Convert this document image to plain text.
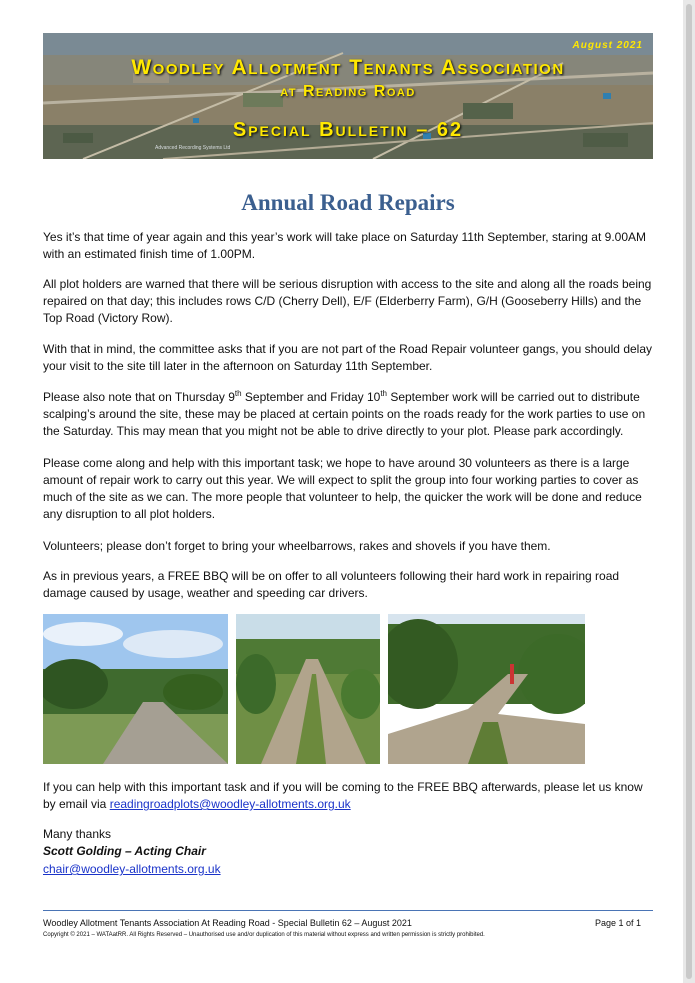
August 2021
Woodley Allotment Tenants Association
at Reading Road
Special Bulletin – 62
Advanced Recording Systems Ltd
Annual Road Repairs

Yes it’s that time of year again and this year’s work will take place on Saturday 11th September, staring at 9.00AM with an estimated finish time of 1.00PM.

All plot holders are warned that there will be serious disruption with access to the site and along all the roads being repaired on that day; this includes rows C/D (Cherry Dell), E/F (Elderberry Farm), G/H (Gooseberry Hills) and the Top Road (Victory Row).

With that in mind, the committee asks that if you are not part of the Road Repair volunteer gangs, you should delay your visit to the site till later in the afternoon on Saturday 11th September.

Please also note that on Thursday 9th September and Friday 10th September work will be carried out to distribute scalping’s around the site, these may be placed at certain points on the roads ready for the work parties to use on the Saturday. This may mean that you might not be able to drive directly to your plot. Please park accordingly.

Please come along and help with this important task; we hope to have around 30 volunteers as there is a large amount of repair work to carry out this year. We will expect to split the group into four working parties to cover as much of the site as we can. The more people that volunteer to help, the quicker the work will be done and reduce any disruption to all plot holders.

Volunteers; please don’t forget to bring your wheelbarrows, rakes and shovels if you have them.

As in previous years, a FREE BBQ will be on offer to all volunteers following their hard work in repairing road damage caused by usage, weather and speeding car drivers.

If you can help with this important task and if you will be coming to the FREE BBQ afterwards, please let us know by email via readingroadplots@woodley-allotments.org.uk

Many thanks

Scott Golding – Acting Chair

chair@woodley-allotments.org.uk

Woodley Allotment Tenants Association At Reading Road - Special Bulletin 62 – August 2021	Page 1 of 1
Copyright © 2021 – WATAatRR. All Rights Reserved – Unauthorised use and/or duplication of this material without express and written permission is strictly prohibited.
